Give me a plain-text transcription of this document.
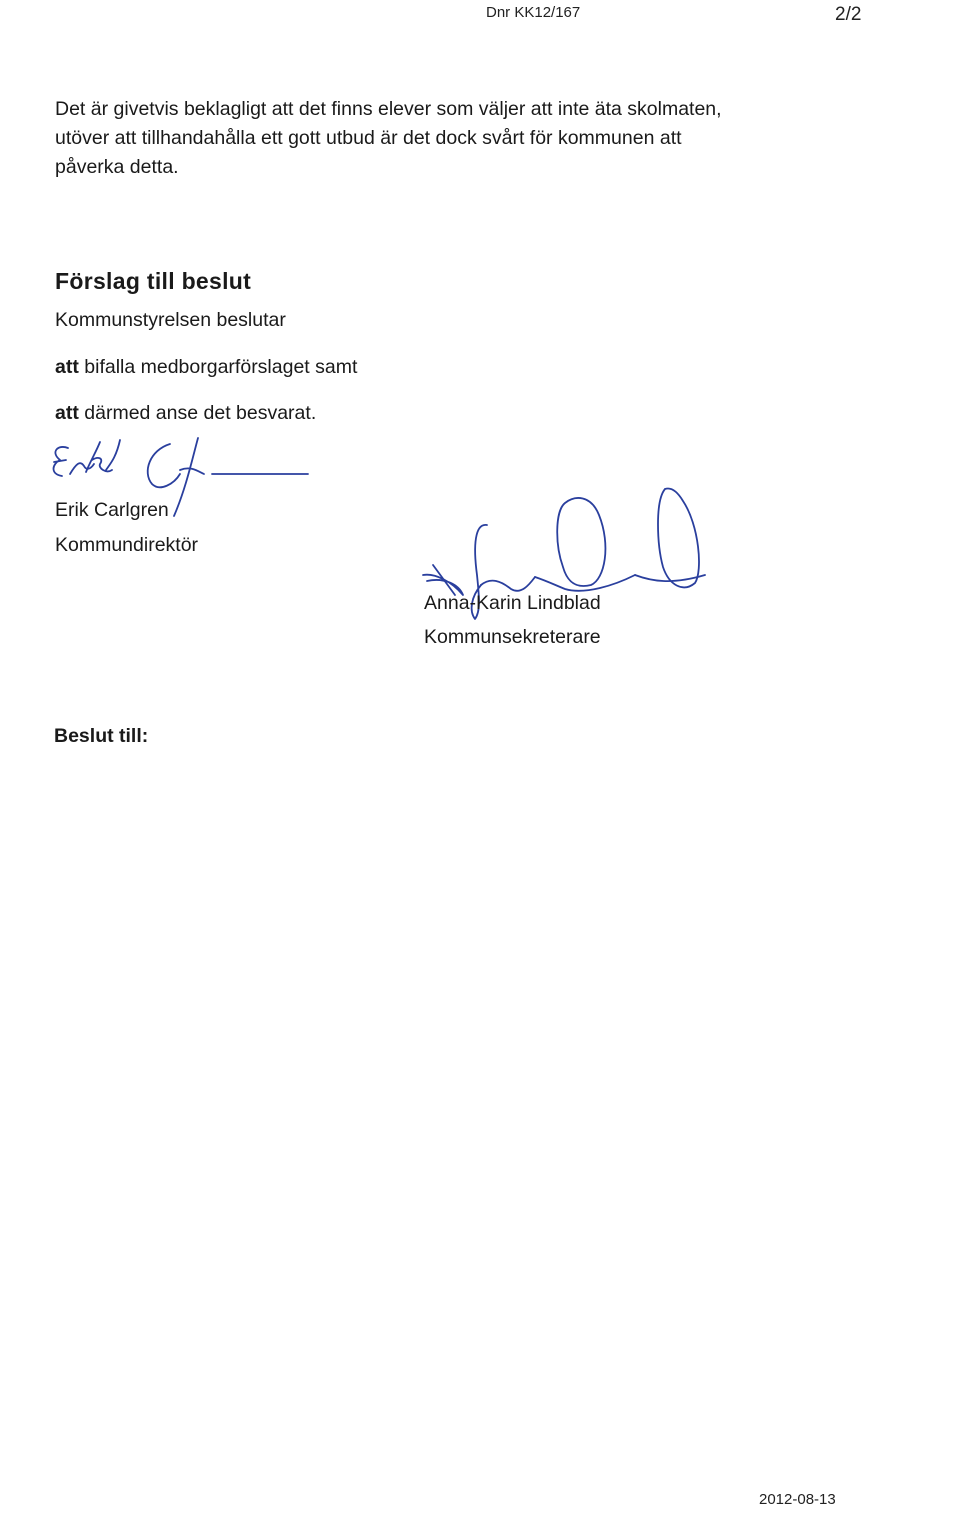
Dnr KK12/167	2/2
Det är givetvis beklagligt att det finns elever som väljer att inte äta skolmaten,
utöver att tillhandahålla ett gott utbud är det dock svårt för kommunen att
påverka detta.
Förslag till beslut
Kommunstyrelsen beslutar
att bifalla medborgarförslaget samt
att därmed anse det besvarat.
Erik Carlgren
Kommundirektör
Anna-Karin Lindblad
Kommunsekreterare
Beslut till:
2012-08-13
